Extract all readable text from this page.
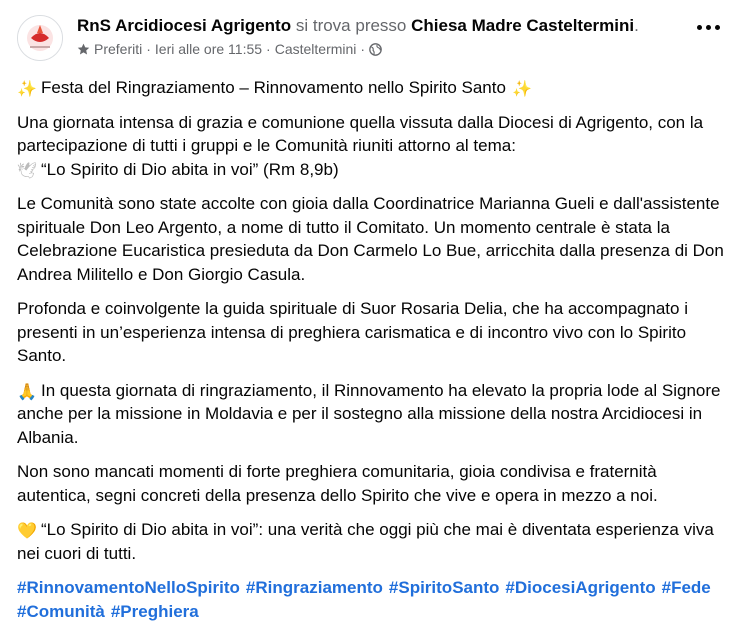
RnS Arcidiocesi Agrigento si trova presso Chiesa Madre Casteltermini.
Preferiti · Ieri alle ore 11:55 · Casteltermini ·

✨ Festa del Ringraziamento – Rinnovamento nello Spirito Santo ✨

Una giornata intensa di grazia e comunione quella vissuta dalla Diocesi di Agrigento, con la partecipazione di tutti i gruppi e le Comunità riuniti attorno al tema:
🕊 “Lo Spirito di Dio abita in voi” (Rm 8,9b)

Le Comunità sono state accolte con gioia dalla Coordinatrice Marianna Gueli e dall'assistente spirituale Don Leo Argento, a nome di tutto il Comitato. Un momento centrale è stata la Celebrazione Eucaristica presieduta da Don Carmelo Lo Bue, arricchita dalla presenza di Don Andrea Militello e Don Giorgio Casula.

Profonda e coinvolgente la guida spirituale di Suor Rosaria Delia, che ha accompagnato i presenti in un’esperienza intensa di preghiera carismatica e di incontro vivo con lo Spirito Santo.

🙏 In questa giornata di ringraziamento, il Rinnovamento ha elevato la propria lode al Signore anche per la missione in Moldavia e per il sostegno alla missione della nostra Arcidiocesi in Albania.

Non sono mancati momenti di forte preghiera comunitaria, gioia condivisa e fraternità autentica, segni concreti della presenza dello Spirito che vive e opera in mezzo a noi.

💛 “Lo Spirito di Dio abita in voi”: una verità che oggi più che mai è diventata esperienza viva nei cuori di tutti.

#RinnovamentoNelloSpirito #Ringraziamento #SpiritoSanto #DiocesiAgrigento #Fede
#Comunità #Preghiera
